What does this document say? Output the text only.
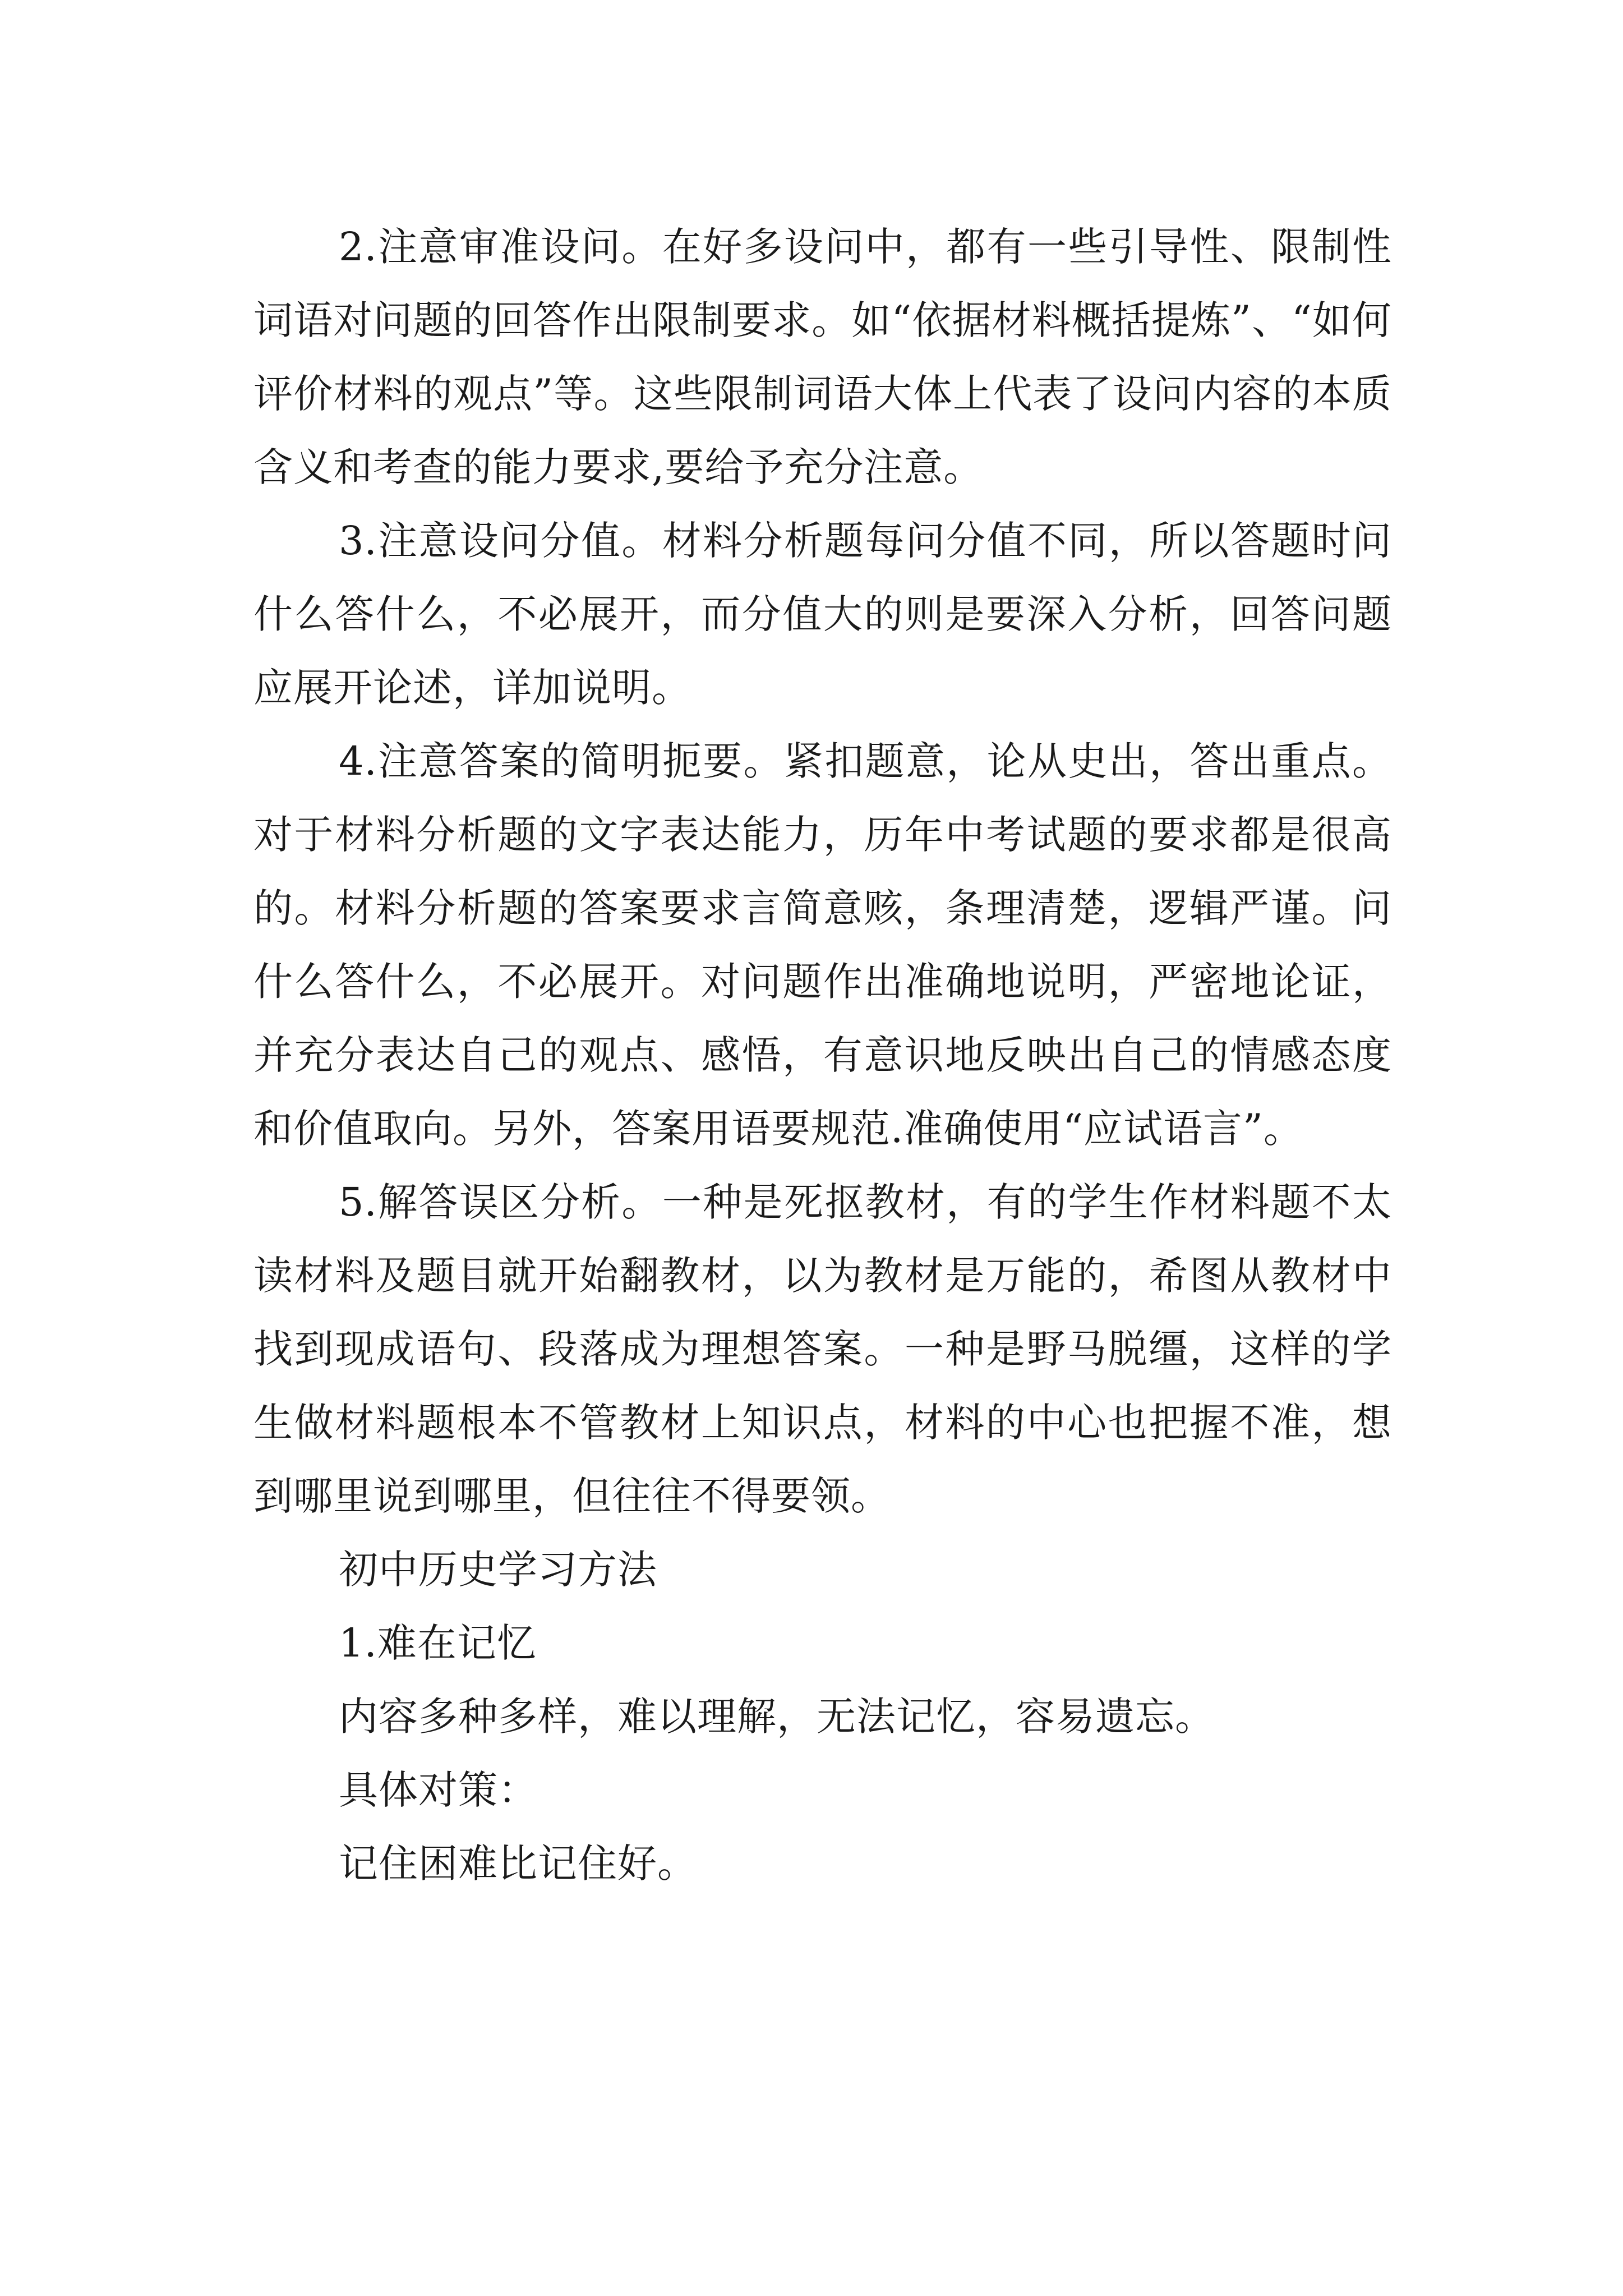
2.注意审准设问。在好多设问中，都有一些引导性、限制性词语对问题的回答作出限制要求。如“依据材料概括提炼”、“如何评价材料的观点”等。这些限制词语大体上代表了设问内容的本质含义和考查的能力要求,要给予充分注意。

3.注意设问分值。材料分析题每问分值不同，所以答题时问什么答什么，不必展开，而分值大的则是要深入分析，回答问题应展开论述，详加说明。

4.注意答案的简明扼要。紧扣题意，论从史出，答出重点。对于材料分析题的文字表达能力，历年中考试题的要求都是很高的。材料分析题的答案要求言简意赅，条理清楚，逻辑严谨。问什么答什么，不必展开。对问题作出准确地说明，严密地论证，并充分表达自己的观点、感悟，有意识地反映出自己的情感态度和价值取向。另外，答案用语要规范.准确使用“应试语言”。

5.解答误区分析。一种是死抠教材，有的学生作材料题不太读材料及题目就开始翻教材，以为教材是万能的，希图从教材中找到现成语句、段落成为理想答案。一种是野马脱缰，这样的学生做材料题根本不管教材上知识点，材料的中心也把握不准，想到哪里说到哪里，但往往不得要领。

初中历史学习方法

1.难在记忆

内容多种多样，难以理解，无法记忆，容易遗忘。

具体对策：

记住困难比记住好。
